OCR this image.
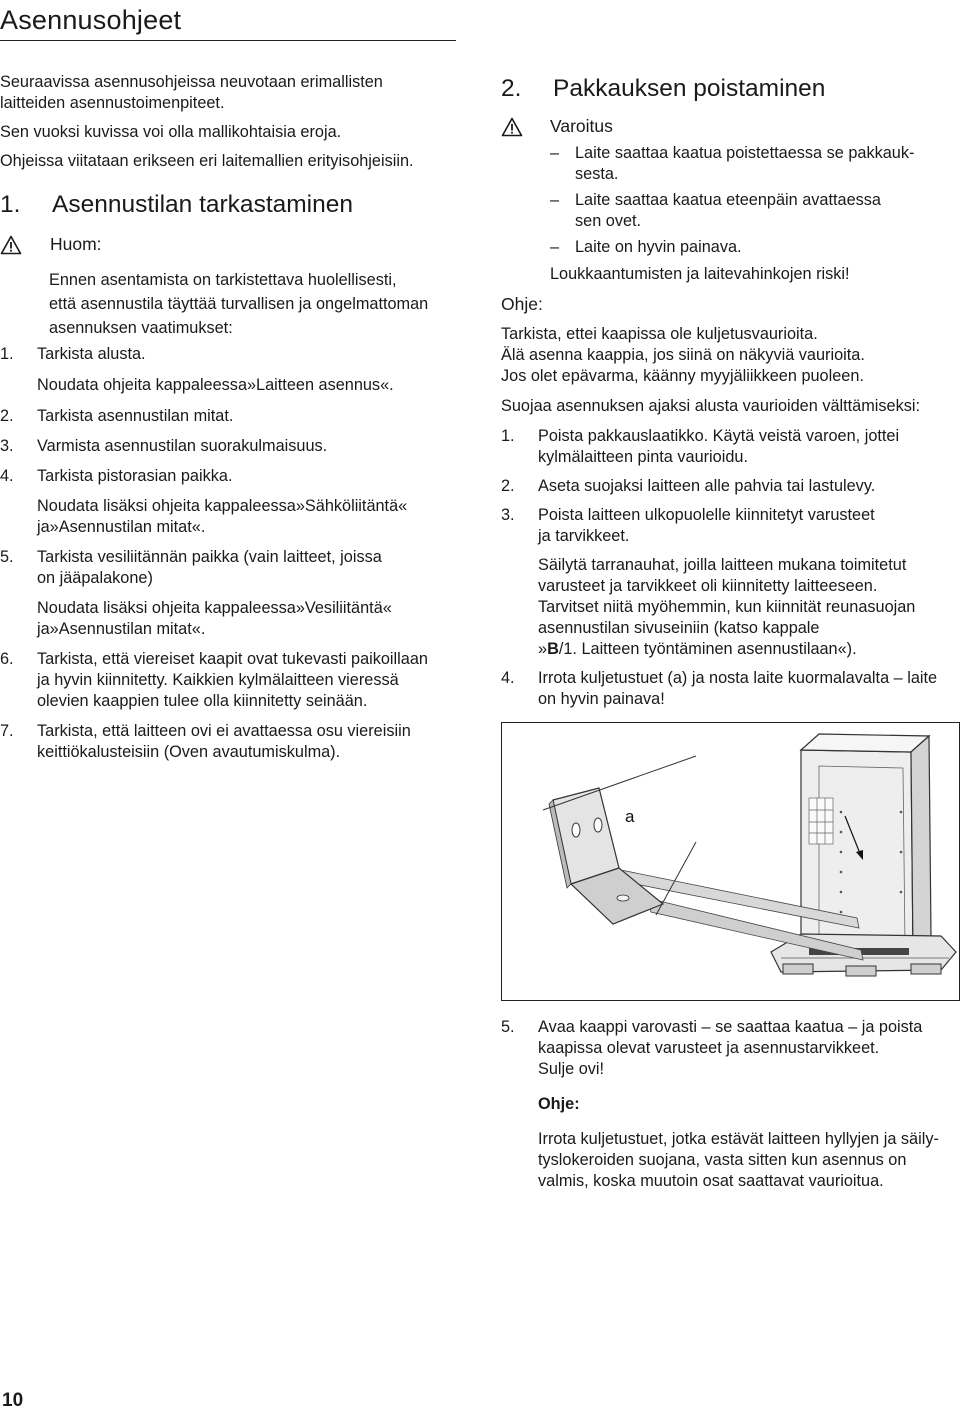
Asennusohjeet

Seuraavissa asennusohjeissa neuvotaan erimallisten

laitteiden asennustoimenpiteet.

Sen vuoksi kuvissa voi olla mallikohtaisia eroja.

Ohjeissa viitataan erikseen eri laitemallien erityisohjeisiin.

1. Asennustilan tarkastaminen
Huom:
Ennen asentamista on tarkistettava huolellisesti,
että asennustila täyttää turvallisen ja ongelmattoman
asennuksen vaatimukset:
1.	Tarkista alusta.
Noudata ohjeita kappaleessa»Laitteen asennus«.
2.	Tarkista asennustilan mitat.
3.	Varmista asennustilan suorakulmaisuus.
4.	Tarkista pistorasian paikka.
Noudata lisäksi ohjeita kappaleessa»Sähköliitäntä«
ja»Asennustilan mitat«.
5.	Tarkista vesiliitännän paikka (vain laitteet, joissa
on jääpalakone)
Noudata lisäksi ohjeita kappaleessa»Vesiliitäntä«
ja»Asennustilan mitat«.
6.	Tarkista, että viereiset kaapit ovat tukevasti paikoillaan
ja hyvin kiinnitetty. Kaikkien kylmälaitteen vieressä
olevien kaappien tulee olla kiinnitetty seinään.
7.	Tarkista, että laitteen ovi ei avattaessa osu viereisiin
keittiökalusteisiin (Oven avautumiskulma).
2. Pakkauksen poistaminen
Varoitus
– Laite saattaa kaatua poistettaessa se pakkauk-
sesta.
– Laite saattaa kaatua eteenpäin avattaessa
sen ovet.
– Laite on hyvin painava.
Loukkaantumisten ja laitevahinkojen riski!
Ohje:
Tarkista, ettei kaapissa ole kuljetusvaurioita.
Älä asenna kaappia, jos siinä on näkyviä vaurioita.
Jos olet epävarma, käänny myyjäliikkeen puoleen.
Suojaa asennuksen ajaksi alusta vaurioiden välttämiseksi:
1.	Poista pakkauslaatikko. Käytä veistä varoen, jottei
kylmälaitteen pinta vaurioidu.
2.	Aseta suojaksi laitteen alle pahvia tai lastulevy.
3.	Poista laitteen ulkopuolelle kiinnitetyt varusteet
ja tarvikkeet.
Säilytä tarranauhat, joilla laitteen mukana toimitetut
varusteet ja tarvikkeet oli kiinnitetty laitteeseen.
Tarvitset niitä myöhemmin, kun kiinnität reunasuojan
asennustilan sivuseiniin (katso kappale
»B/1. Laitteen työntäminen asennustilaan«).
4.	Irrota kuljetustuet (a) ja nosta laite kuormalavalta – laite
on hyvin painava!
a
5.	Avaa kaappi varovasti – se saattaa kaatua – ja poista
kaapissa olevat varusteet ja asennustarvikkeet.
Sulje ovi!
Ohje:
Irrota kuljetustuet, jotka estävät laitteen hyllyjen ja säily-
tyslokeroiden suojana, vasta sitten kun asennus on
valmis, koska muutoin osat saattavat vaurioitua.
10
